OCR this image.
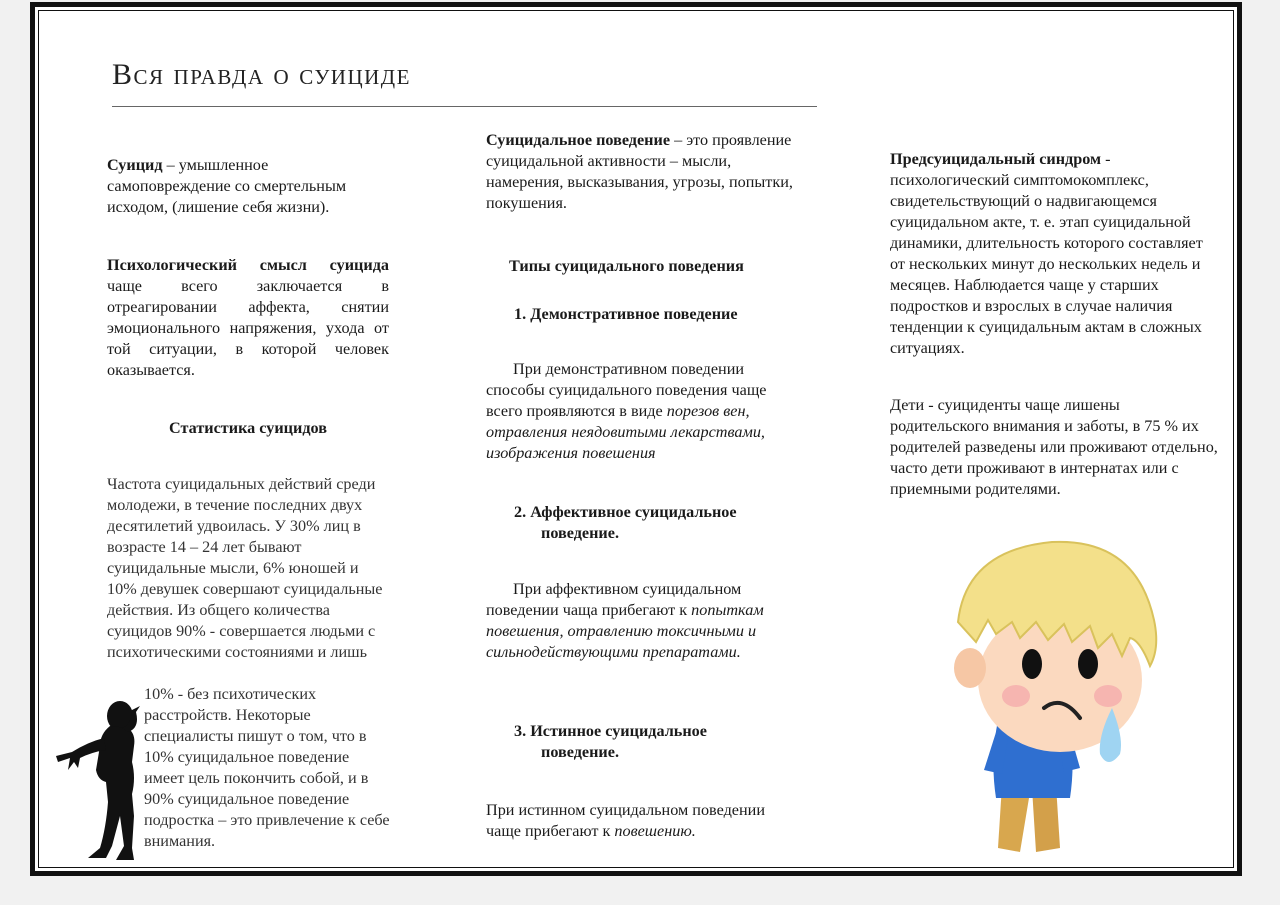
Вся правда о суициде
Суицид – умышленное самоповреждение со смертельным исходом, (лишение себя жизни).
Психологический смысл суицида чаще всего заключается в отреагировании аффекта, снятии эмоционального напряжения, ухода от той ситуации, в которой человек оказывается.
Статистика суицидов
Частота суицидальных действий среди молодежи, в течение последних двух десятилетий удвоилась. У 30% лиц в возрасте 14 – 24 лет бывают суицидальные мысли, 6% юношей и 10% девушек совершают суицидальные действия. Из общего количества суицидов 90% - совершается людьми с психотическими состояниями и лишь
10% - без психотических расстройств. Некоторые специалисты пишут о том, что в 10% суицидальное поведение имеет цель покончить собой, и в 90% суицидальное поведение подростка – это привлечение к себе внимания.
Суицидальное поведение – это проявление суицидальной активности – мысли, намерения, высказывания, угрозы, попытки, покушения.
Типы суицидального поведения
1. Демонстративное поведение
При демонстративном поведении способы суицидального поведения чаще всего проявляются в виде порезов вен, отравления неядовитыми лекарствами, изображения повешения
2. Аффективное суицидальное
поведение.
При аффективном суицидальном поведении чаща прибегают к попыткам повешения, отравлению токсичными и сильнодействующими препаратами.
3. Истинное суицидальное
поведение.
При истинном суицидальном поведении чаще прибегают к повешению.
Предсуицидальный синдром - психологический симптомокомплекс, свидетельствующий о надвигающемся суицидальном акте, т. е. этап суицидальной динамики, длительность которого составляет от нескольких минут до нескольких недель и месяцев. Наблюдается чаще у старших подростков и взрослых в случае наличия тенденции к суицидальным актам в сложных ситуациях.
Дети - суициденты чаще лишены родительского внимания и заботы, в 75 % их родителей разведены или проживают отдельно, часто дети проживают в интернатах или с приемными родителями.
